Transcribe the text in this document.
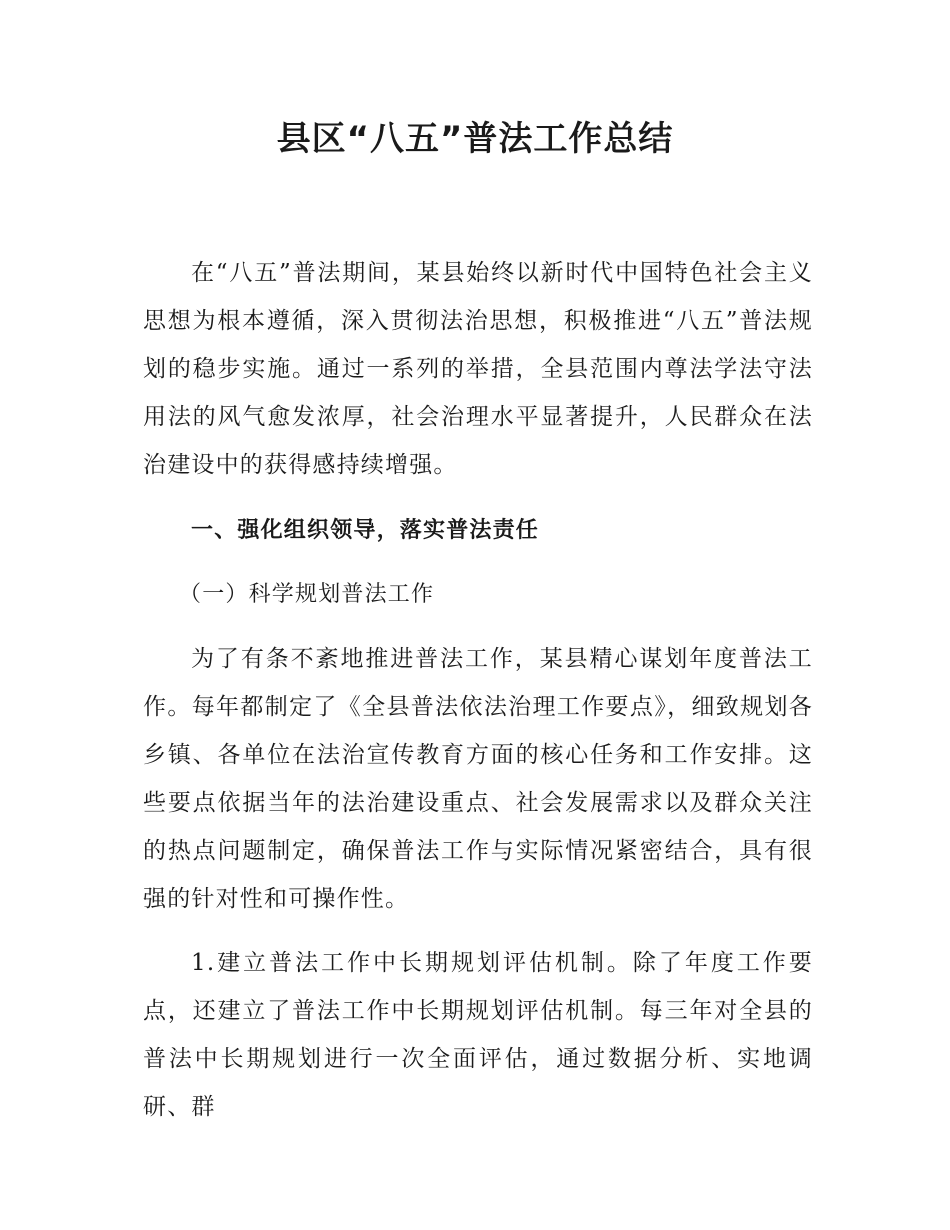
县区“八五”普法工作总结

在“八五”普法期间，某县始终以新时代中国特色社会主义思想为根本遵循，深入贯彻法治思想，积极推进“八五”普法规划的稳步实施。通过一系列的举措，全县范围内尊法学法守法用法的风气愈发浓厚，社会治理水平显著提升，人民群众在法治建设中的获得感持续增强。

一、强化组织领导，落实普法责任
（一）科学规划普法工作

为了有条不紊地推进普法工作，某县精心谋划年度普法工作。每年都制定了《全县普法依法治理工作要点》，细致规划各乡镇、各单位在法治宣传教育方面的核心任务和工作安排。这些要点依据当年的法治建设重点、社会发展需求以及群众关注的热点问题制定，确保普法工作与实际情况紧密结合，具有很强的针对性和可操作性。

1.建立普法工作中长期规划评估机制。除了年度工作要点，还建立了普法工作中长期规划评估机制。每三年对全县的普法中长期规划进行一次全面评估，通过数据分析、实地调研、群
